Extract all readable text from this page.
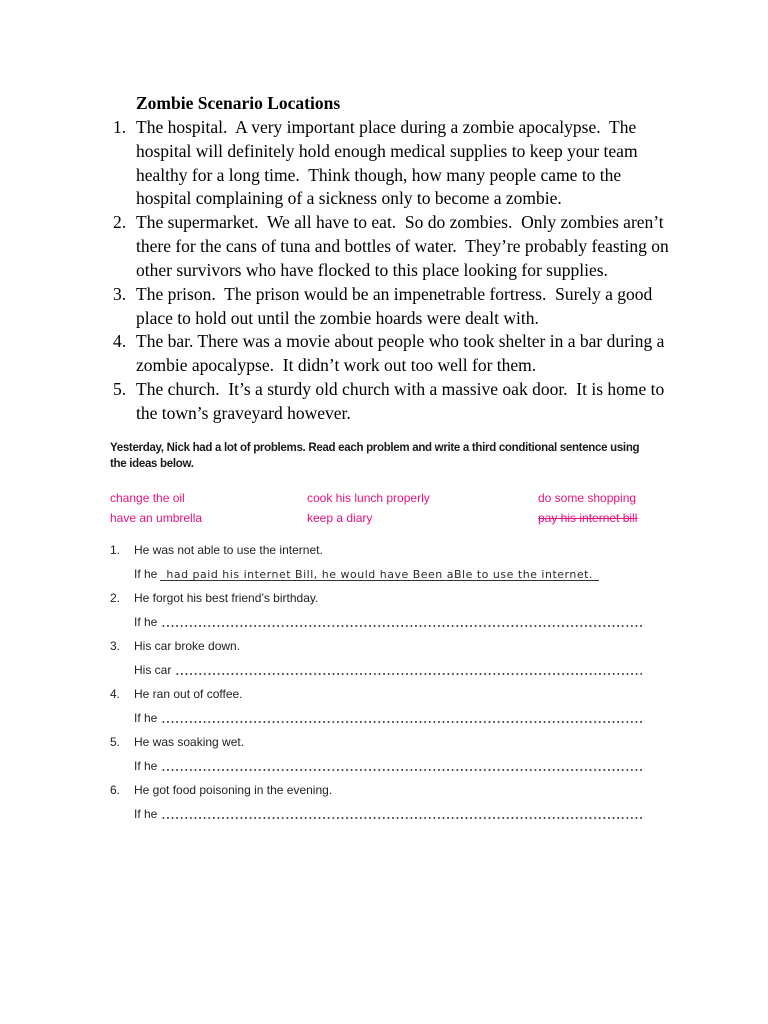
Zombie Scenario Locations
1. The hospital.  A very important place during a zombie apocalypse.  The
hospital will definitely hold enough medical supplies to keep your team
healthy for a long time.  Think though, how many people came to the
hospital complaining of a sickness only to become a zombie.
2. The supermarket.  We all have to eat.  So do zombies.  Only zombies aren’t
there for the cans of tuna and bottles of water.  They’re probably feasting on
other survivors who have flocked to this place looking for supplies.
3. The prison.  The prison would be an impenetrable fortress.  Surely a good
place to hold out until the zombie hoards were dealt with.
4. The bar. There was a movie about people who took shelter in a bar during a
zombie apocalypse.  It didn’t work out too well for them.
5. The church.  It’s a sturdy old church with a massive oak door.  It is home to
the town’s graveyard however.
Yesterday, Nick had a lot of problems. Read each problem and write a third conditional sentence using
the ideas below.
change the oil	cook his lunch properly	do some shopping
have an umbrella	keep a diary	pay his internet bill
1.	He was not able to use the internet.
If he had paid his internet Bill, he would have Been aBle to use the internet.
2.	He forgot his best friend’s birthday.
If he
3.	His car broke down.
His car
4.	He ran out of coffee.
If he
5.	He was soaking wet.
If he
6.	He got food poisoning in the evening.
If he
